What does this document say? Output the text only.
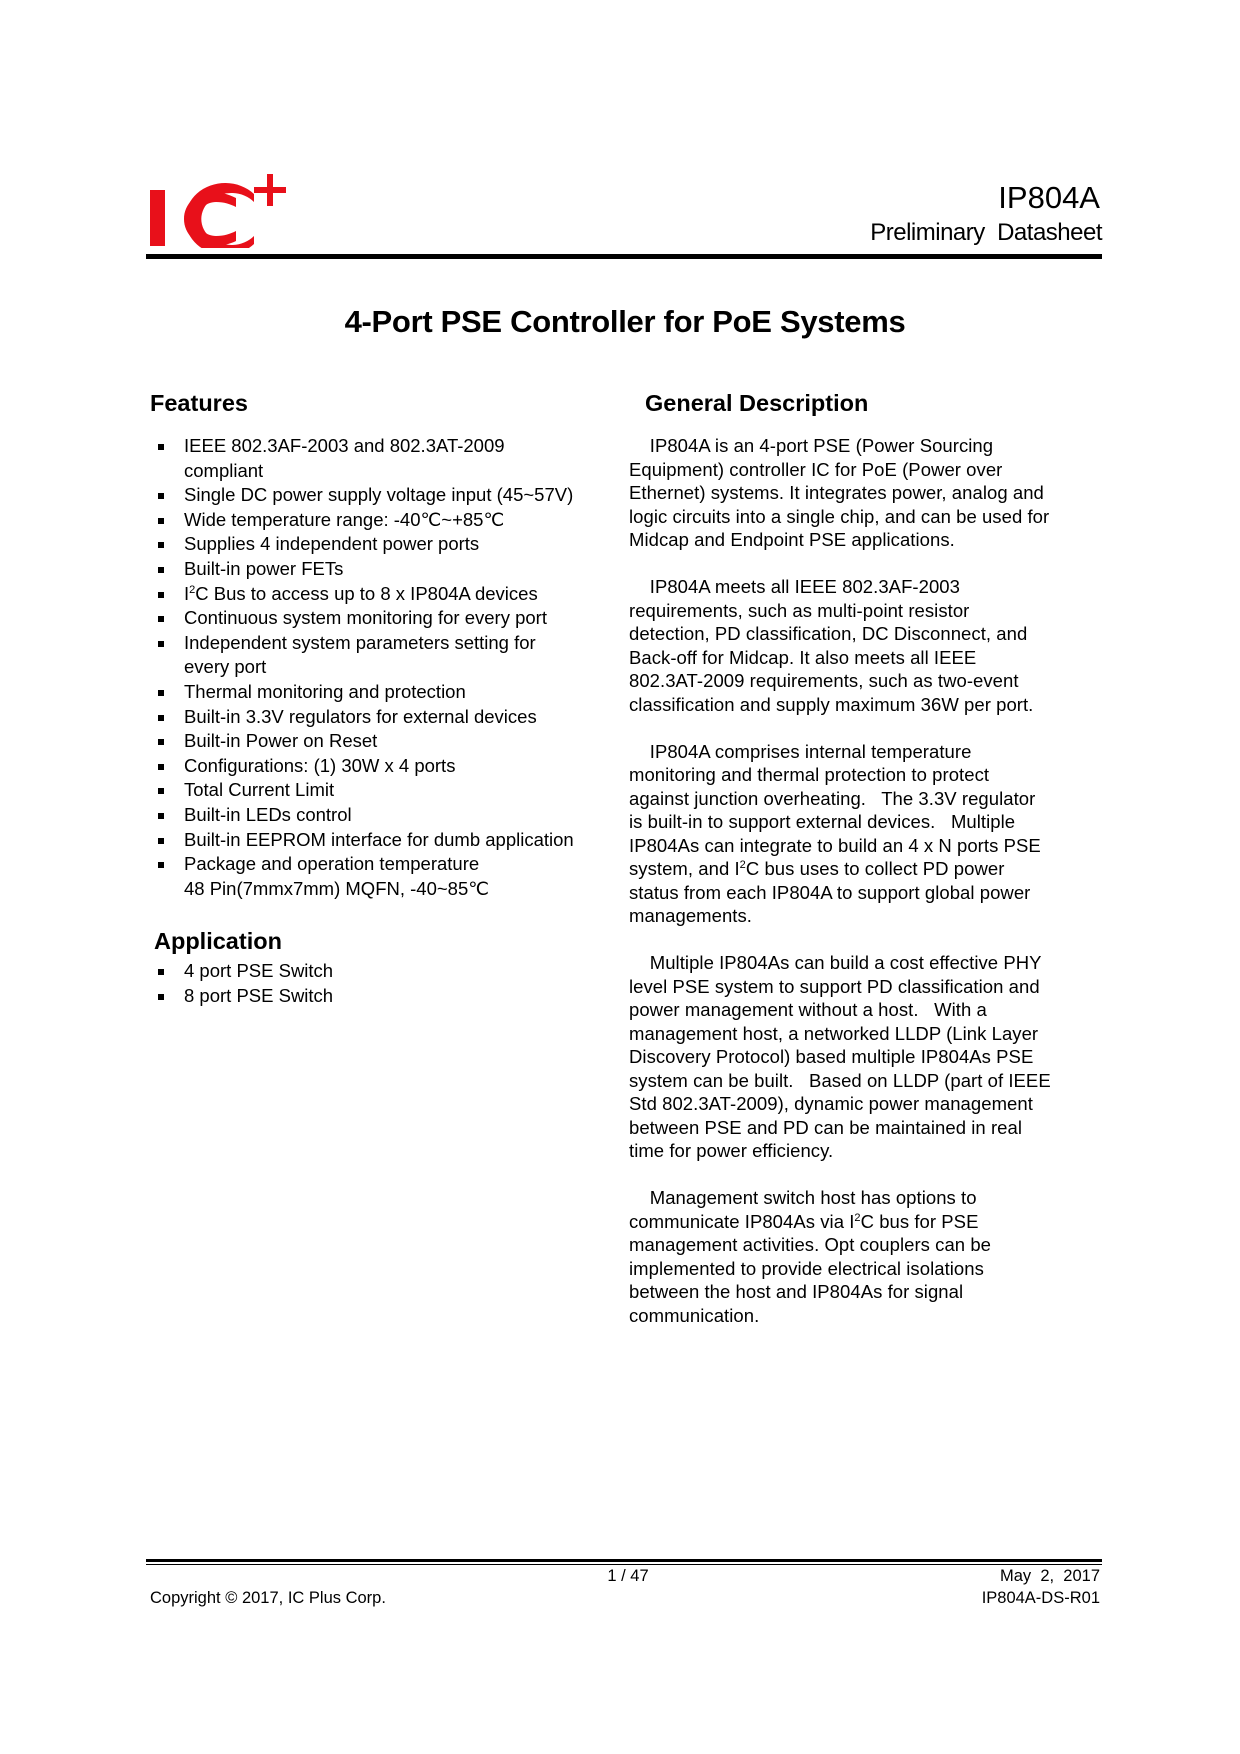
IP804A
Preliminary  Datasheet
4-Port PSE Controller for PoE Systems
Features
IEEE 802.3AF-2003 and 802.3AT-2009
compliant
Single DC power supply voltage input (45~57V)
Wide temperature range: -40℃~+85℃
Supplies 4 independent power ports
Built-in power FETs
$I^2C$ Bus to access up to 8 x IP804A devices
Continuous system monitoring for every port
Independent system parameters setting for
every port
Thermal monitoring and protection
Built-in 3.3V regulators for external devices
Built-in Power on Reset
Configurations: (1) 30W x 4 ports
Total Current Limit
Built-in LEDs control
Built-in EEPROM interface for dumb application
Package and operation temperature
48 Pin(7mmx7mm) MQFN, -40~85℃
Application
4 port PSE Switch
8 port PSE Switch
General Description
IP804A is an 4-port PSE (Power Sourcing
Equipment) controller IC for PoE (Power over
Ethernet) systems. It integrates power, analog and
logic circuits into a single chip, and can be used for
Midcap and Endpoint PSE applications.
IP804A meets all IEEE 802.3AF-2003
requirements, such as multi-point resistor
detection, PD classification, DC Disconnect, and
Back-off for Midcap. It also meets all IEEE
802.3AT-2009 requirements, such as two-event
classification and supply maximum 36W per port.
IP804A comprises internal temperature
monitoring and thermal protection to protect
against junction overheating.   The 3.3V regulator
is built-in to support external devices.   Multiple
IP804As can integrate to build an 4 x N ports PSE
system, and $I^2C$ bus uses to collect PD power
status from each IP804A to support global power
managements.
Multiple IP804As can build a cost effective PHY
level PSE system to support PD classification and
power management without a host.   With a
management host, a networked LLDP (Link Layer
Discovery Protocol) based multiple IP804As PSE
system can be built.   Based on LLDP (part of IEEE
Std 802.3AT-2009), dynamic power management
between PSE and PD can be maintained in real
time for power efficiency.
Management switch host has options to
communicate IP804As via $I^2C$ bus for PSE
management activities. Opt couplers can be
implemented to provide electrical isolations
between the host and IP804As for signal
communication.
1 / 47	May  2,  2017
Copyright © 2017, IC Plus Corp.	IP804A-DS-R01
